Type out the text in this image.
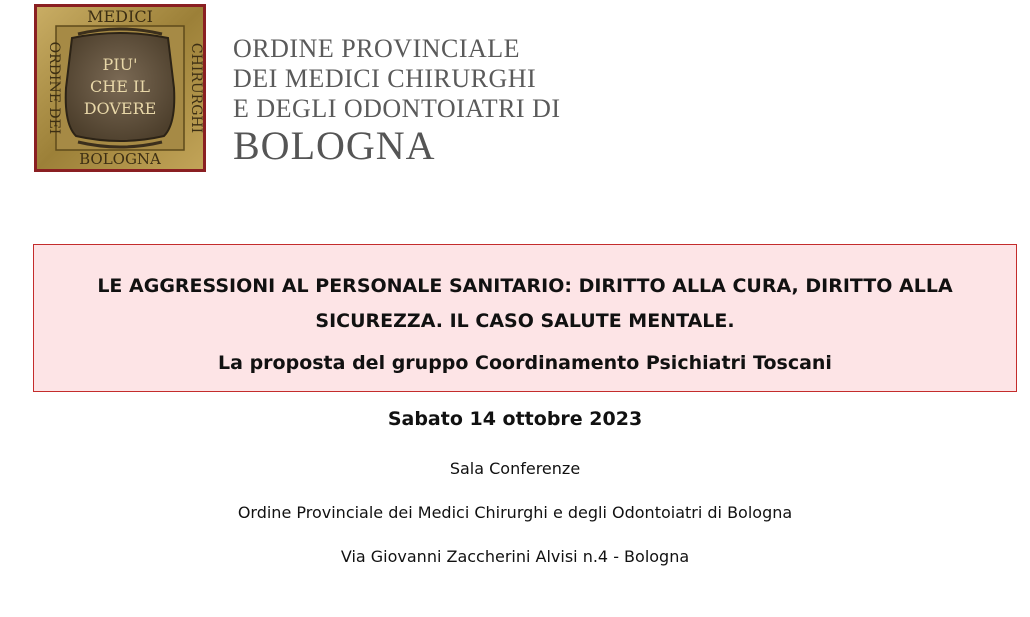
MEDICI
BOLOGNA
ORDINE DEI	CHIRURGHI
PIU'
CHE IL
DOVERE
ORDINE PROVINCIALE
DEI MEDICI CHIRURGHI
E DEGLI ODONTOIATRI DI
BOLOGNA
LE AGGRESSIONI AL PERSONALE SANITARIO: DIRITTO ALLA CURA, DIRITTO ALLA SICUREZZA. IL CASO SALUTE MENTALE.
La proposta del gruppo Coordinamento Psichiatri Toscani
Sabato 14 ottobre 2023
Sala Conferenze
Ordine Provinciale dei Medici Chirurghi e degli Odontoiatri di Bologna
Via Giovanni Zaccherini Alvisi n.4 - Bologna
